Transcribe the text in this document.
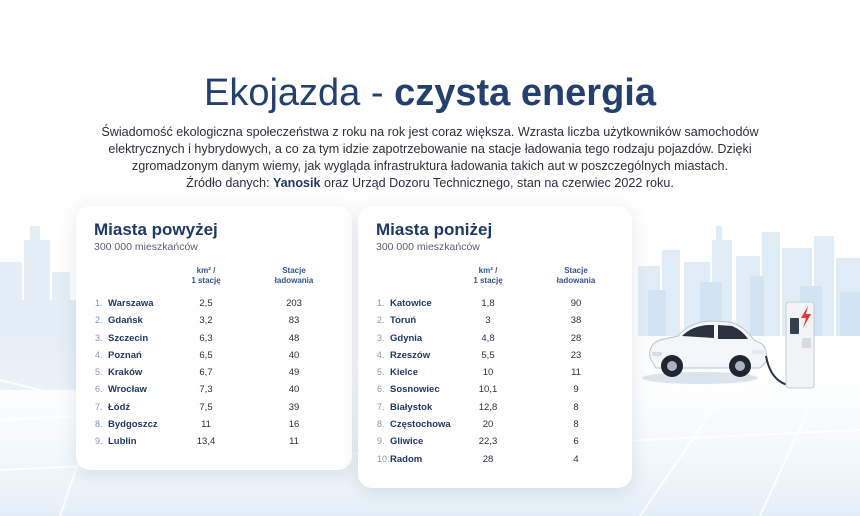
Ekojazda - czysta energia
Świadomość ekologiczna społeczeństwa z roku na rok jest coraz większa. Wzrasta liczba użytkowników samochodów
elektrycznych i hybrydowych, a co za tym idzie zapotrzebowanie na stacje ładowania tego rodzaju pojazdów. Dzięki
zgromadzonym danym wiemy, jak wygląda infrastruktura ładowania takich aut w poszczególnych miastach.
Źródło danych: Yanosik oraz Urząd Dozoru Technicznego, stan na czerwiec 2022 roku.
Miasta powyżej
300 000 mieszkańców
km² /
1 stację
Stacje
ładowania
1. Warszawa	2,5	203
2. Gdańsk	3,2	83
3. Szczecin	6,3	48
4. Poznań	6,5	40
5. Kraków	6,7	49
6. Wrocław	7,3	40
7. Łódź	7,5	39
8. Bydgoszcz	11	16
9. Lublin	13,4	11
Miasta poniżej
300 000 mieszkańców
km² /
1 stację
Stacje
ładowania
1. Katowice	1,8	90
2. Toruń	3	38
3. Gdynia	4,8	28
4. Rzeszów	5,5	23
5. Kielce	10	11
6. Sosnowiec	10,1	9
7. Białystok	12,8	8
8. Częstochowa	20	8
9. Gliwice	22,3	6
10. Radom	28	4
